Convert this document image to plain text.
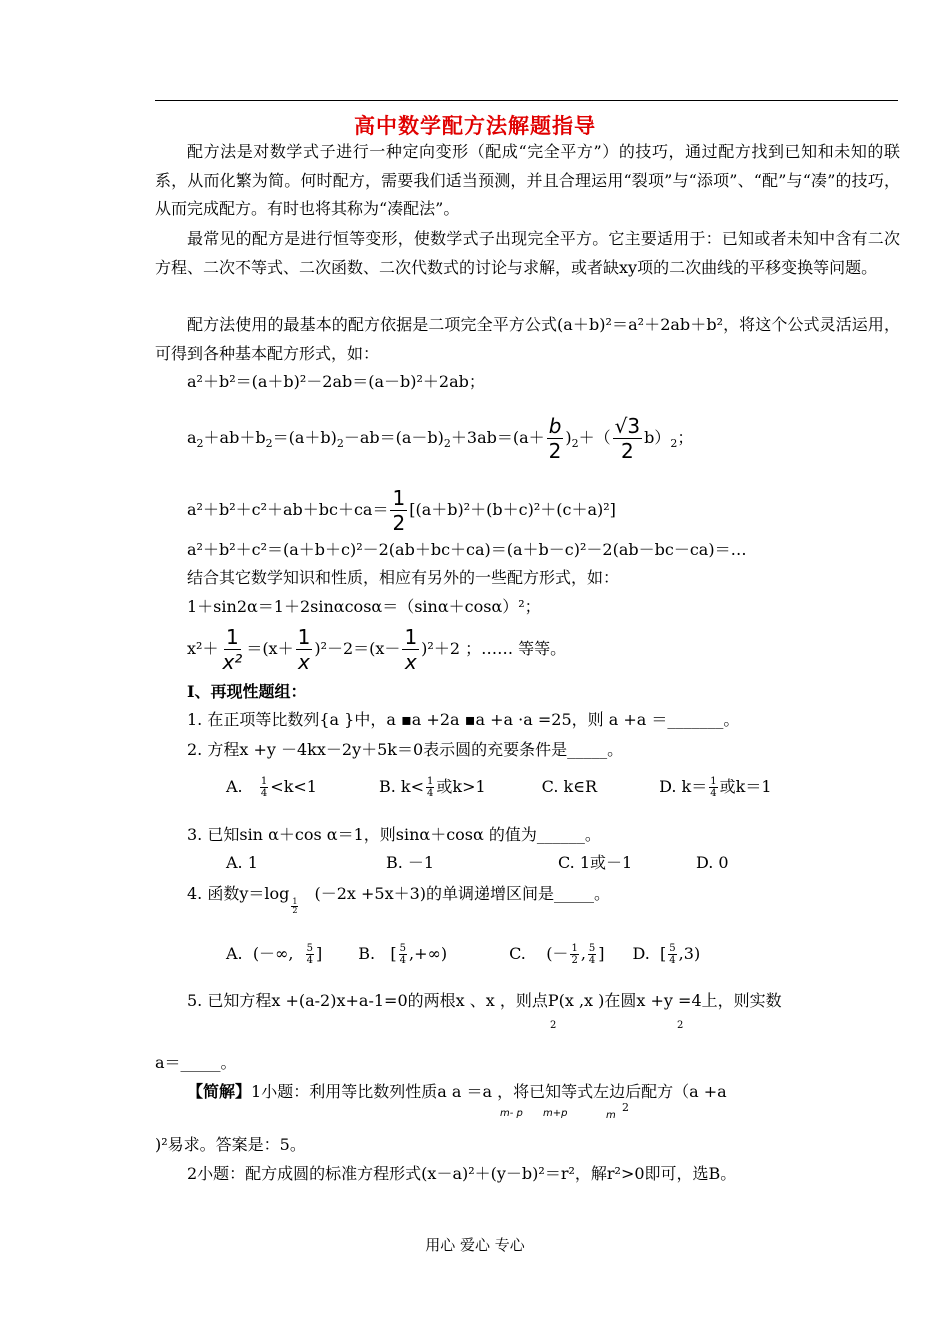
高中数学配方法解题指导
配方法是对数学式子进行一种定向变形（配成“完全平方”）的技巧，通过配方找到已知和未知的联系，从而化繁为简。何时配方，需要我们适当预测，并且合理运用“裂项”与“添项”、“配”与“凑”的技巧，从而完成配方。有时也将其称为“凑配法”。
最常见的配方是进行恒等变形，使数学式子出现完全平方。它主要适用于：已知或者未知中含有二次方程、二次不等式、二次函数、二次代数式的讨论与求解，或者缺xy项的二次曲线的平移变换等问题。
配方法使用的最基本的配方依据是二项完全平方公式(a＋b)²＝a²＋2ab＋b²，将这个公式灵活运用，可得到各种基本配方形式，如：
a²＋b²＝(a＋b)²－2ab＝(a－b)²＋2ab；
a 2 ＋ab＋b 2 ＝(a＋b) 2 －ab＝(a－b) $2 +3ab=(a+ \frac{b}{2}$ ) 2 ＋（ $\frac{√3}{2} b$） 2 ；
$a^2+b^2+c^2+ab+bc+ca= \frac{1}{2} [(a+b)^2+(b+c)^2+(c+a)^2]$
a²＋b²＋c²＝(a＋b＋c)²－2(ab＋bc＋ca)＝(a＋b－c)²－2(ab－bc－ca)＝…
结合其它数学知识和性质，相应有另外的一些配方形式，如：
1＋sin2α＝1＋2sinαcosα＝（sinα＋cosα）²；
$x^2+ \frac{1}{\text{x²}} =(x+ \frac{1}{x} )^2-2=(x- \frac{1}{x} )^2+2$ ；…… 等等。
Ⅰ、再现性题组：
1. 在正项等比数列{a }中，a ▪a +2a ▪a +a ·a =25，则 a +a ＝_______。
2. 方程x +y －4kx－2y＋5k＝0表示圆的充要条件是_____。
A.
1
4 <k<1	B. k< 1
4 或k>1	C. k∈R	D. k＝ 1
4 或k＝1
3. 已知sin α＋cos α＝1，则sinα＋cosα 的值为______。
A. 1	B. －1	C. 1或－1	D. 0
4. 函数y＝log 1
2
(－2x +5x＋3)的单调递增区间是_____。
A.
(－∞,
5
4 ] B.
[ 5
4 ,+∞)	C.
(－ 1
2 , 5
4 ] D.
[ 5
4 ,3)
5. 已知方程x +(a-2)x+a-1=0的两根x 、x ，则点P(x ,x )在圆x +y =4上，则实数
2	2
a＝_____。
【简解】1小题：利用等比数列性质a a ＝a ，将已知等式左边后配方（a +a
m- p m+p	m
2
)²易求。答案是：5。
2小题：配方成圆的标准方程形式(x－a)²＋(y－b)²＝r²，解r²>0即可，选B。
用心 爱心 专心
